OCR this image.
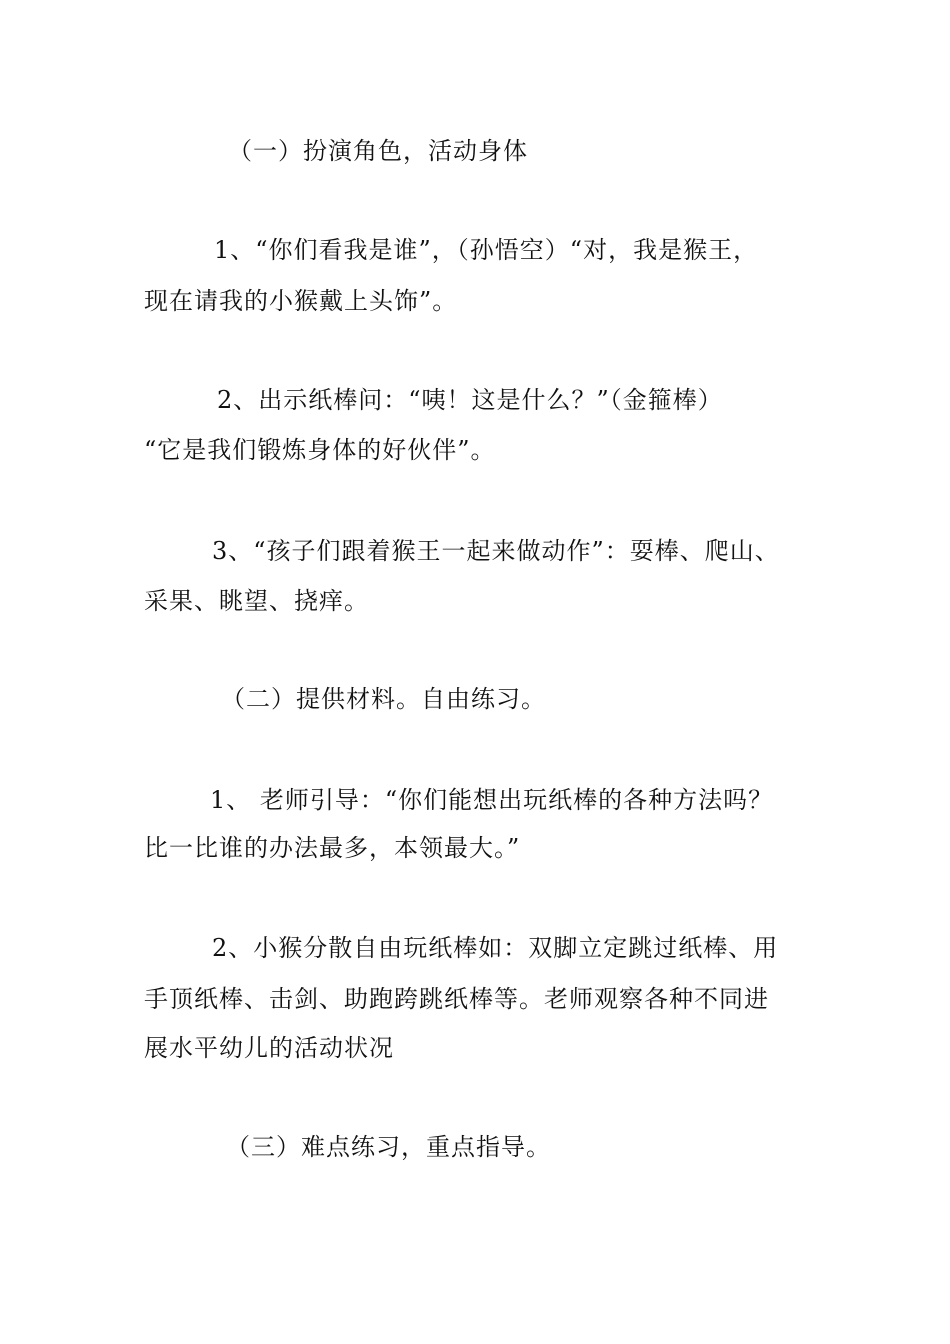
（一）扮演角色，活动身体
1、“你们看我是谁”，（孙悟空）“对，我是猴王，
现在请我的小猴戴上头饰”。
2、出示纸棒问：“咦！这是什么？”（金箍棒）
“它是我们锻炼身体的好伙伴”。
3、“孩子们跟着猴王一起来做动作”：耍棒、爬山、
采果、眺望、挠痒。
（二）提供材料。自由练习。
1、 老师引导：“你们能想出玩纸棒的各种方法吗？
比一比谁的办法最多，本领最大。”
2、小猴分散自由玩纸棒如：双脚立定跳过纸棒、用
手顶纸棒、击剑、助跑跨跳纸棒等。老师观察各种不同进
展水平幼儿的活动状况
（三）难点练习，重点指导。
